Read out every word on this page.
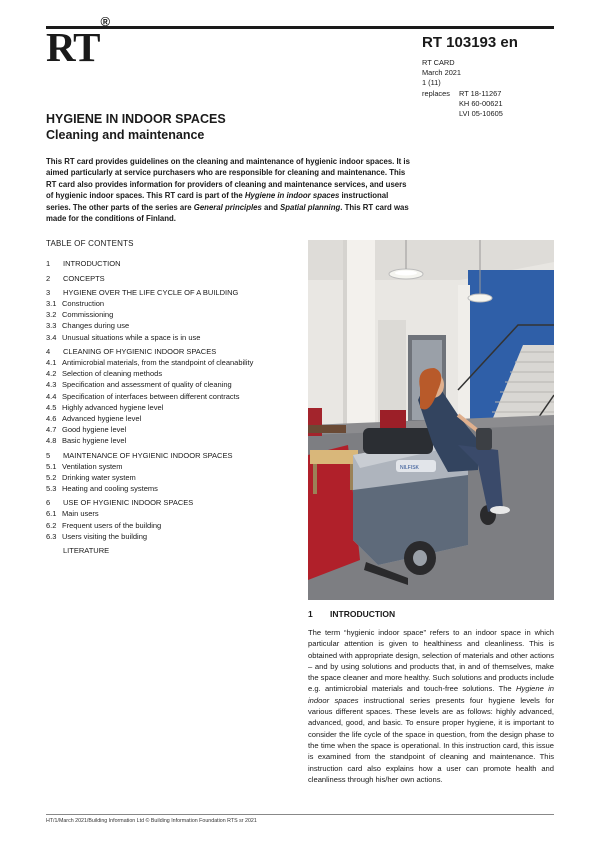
RT®
RT 103193 en
RT CARD
March 2021
1 (11)
replaces	RT 18-11267
KH 60-00621
LVI 05-10605
HYGIENE IN INDOOR SPACES
Cleaning and maintenance
This RT card provides guidelines on the cleaning and maintenance of hygienic indoor spaces. It is aimed particularly at service purchasers who are responsible for cleaning and maintenance. This RT card also provides information for providers of cleaning and maintenance services, and users of hygienic indoor spaces. This RT card is part of the Hygiene in indoor spaces instructional series. The other parts of the series are General principles and Spatial planning. This RT card was made for the conditions of Finland.
TABLE OF CONTENTS
1	INTRODUCTION
2	CONCEPTS
3	HYGIENE OVER THE LIFE CYCLE OF A BUILDING
3.1 Construction
3.2 Commissioning
3.3 Changes during use
3.4 Unusual situations while a space is in use
4	CLEANING OF HYGIENIC INDOOR SPACES
4.1 Antimicrobial materials, from the standpoint of cleanability
4.2 Selection of cleaning methods
4.3 Specification and assessment of quality of cleaning
4.4 Specification of interfaces between different contracts
4.5 Highly advanced hygiene level
4.6 Advanced hygiene level
4.7 Good hygiene level
4.8 Basic hygiene level
5	MAINTENANCE OF HYGIENIC INDOOR SPACES
5.1 Ventilation system
5.2 Drinking water system
5.3 Heating and cooling systems
6	USE OF HYGIENIC INDOOR SPACES
6.1 Main users
6.2 Frequent users of the building
6.3 Users visiting the building
LITERATURE
NILFISK
1 INTRODUCTION
The term “hygienic indoor space” refers to an indoor space in which particular attention is given to healthiness and cleanliness. This is obtained with appropriate design, selection of materials and other actions – and by using solutions and products that, in and of themselves, make the space cleaner and more healthy. Such solutions and products include e.g. antimicrobial materials and touch-free solutions. The Hygiene in indoor spaces instructional series presents four hygiene levels for various different spaces. These levels are as follows: highly advanced, advanced, good, and basic. To ensure proper hygiene, it is important to consider the life cycle of the space in question, from the design phase to the time when the space is operational. In this instruction card, this issue is examined from the standpoint of cleaning and maintenance. This instruction card also explains how a user can promote health and cleanliness through his/her own actions.
HT/1/March 2021/Building Information Ltd © Building Information Foundation RTS sr 2021
